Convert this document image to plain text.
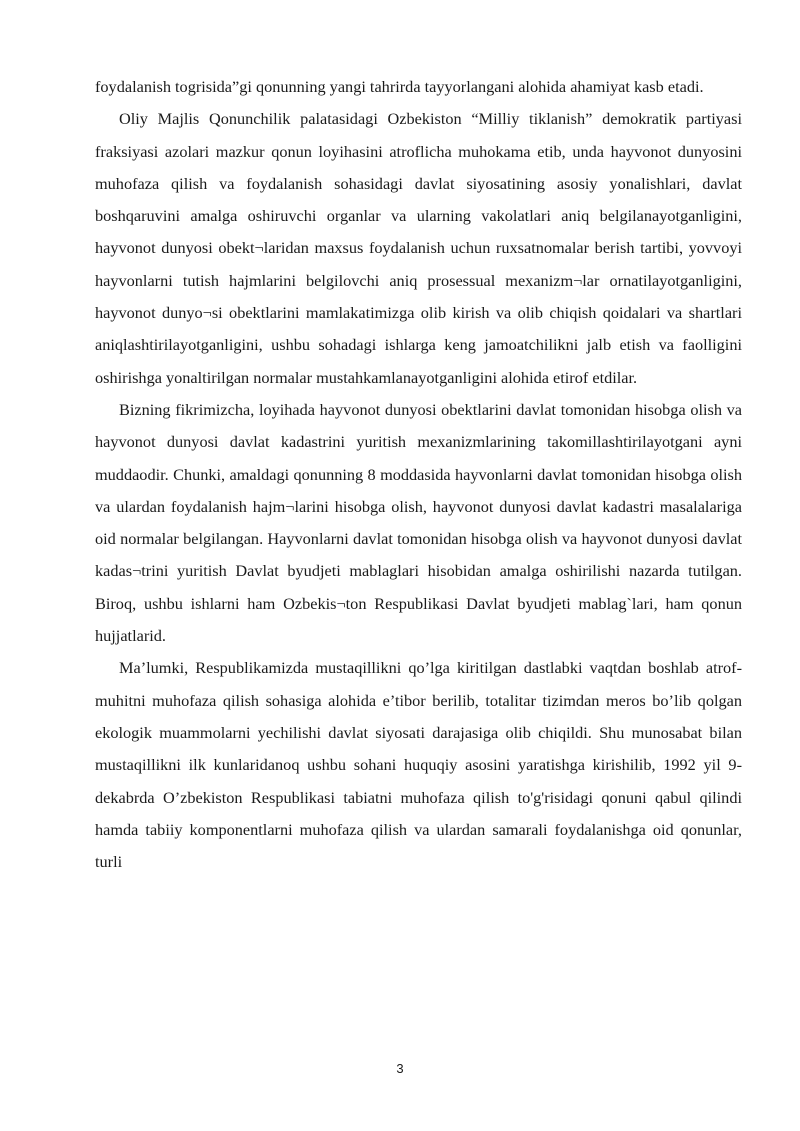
foydalanish togrisida”gi qonunning yangi tahrirda tayyorlangani alohida ahamiyat kasb etadi.

Oliy Majlis Qonunchilik palatasidagi Ozbekiston “Milliy tiklanish” demokratik partiyasi fraksiyasi azolari mazkur qonun loyihasini atroflicha muhokama etib, unda hayvonot dunyosini muhofaza qilish va foydalanish sohasidagi davlat siyosatining asosiy yonalishlari, davlat boshqaruvini amalga oshiruvchi organlar va ularning vakolatlari aniq belgilanayotganligini, hayvonot dunyosi obekt¬laridan maxsus foydalanish uchun ruxsatnomalar berish tartibi, yovvoyi hayvonlarni tutish hajmlarini belgilovchi aniq prosessual mexanizm¬lar ornatilayotganligini, hayvonot dunyo¬si obektlarini mamlakatimizga olib kirish va olib chiqish qoidalari va shartlari aniqlashtirilayotganligini, ushbu sohadagi ishlarga keng jamoatchilikni jalb etish va faolligini oshirishga yonaltirilgan normalar mustahkamlanayotganligini alohida etirof etdilar.

Bizning fikrimizcha, loyihada hayvonot dunyosi obektlarini davlat tomonidan hisobga olish va hayvonot dunyosi davlat kadastrini yuritish mexanizmlarining takomillashtirilayotgani ayni muddaodir. Chunki, amaldagi qonunning 8 moddasida hayvonlarni davlat tomonidan hisobga olish va ulardan foydalanish hajm¬larini hisobga olish, hayvonot dunyosi davlat kadastri masalalariga oid normalar belgilangan. Hayvonlarni davlat tomonidan hisobga olish va hayvonot dunyosi davlat kadas¬trini yuritish Davlat byudjeti mablaglari hisobidan amalga oshirilishi nazarda tutilgan. Biroq, ushbu ishlarni ham Ozbekis¬ton Respublikasi Davlat byudjeti mablag`lari, ham qonun hujjatlarid.

Ma’lumki, Respublikamizda mustaqillikni qo’lga kiritilgan dastlabki vaqtdan boshlab atrof-muhitni muhofaza qilish sohasiga alohida e’tibor berilib, totalitar tizimdan meros bo’lib qolgan ekologik muammolarni yechilishi davlat siyosati darajasiga olib chiqildi. Shu munosabat bilan mustaqillikni ilk kunlaridanoq ushbu sohani huquqiy asosini yaratishga kirishilib, 1992 yil 9-dekabrda O’zbekiston Respublikasi tabiatni muhofaza qilish to'g'risidagi qonuni qabul qilindi hamda tabiiy komponentlarni muhofaza qilish va ulardan samarali foydalanishga oid qonunlar, turli

3
